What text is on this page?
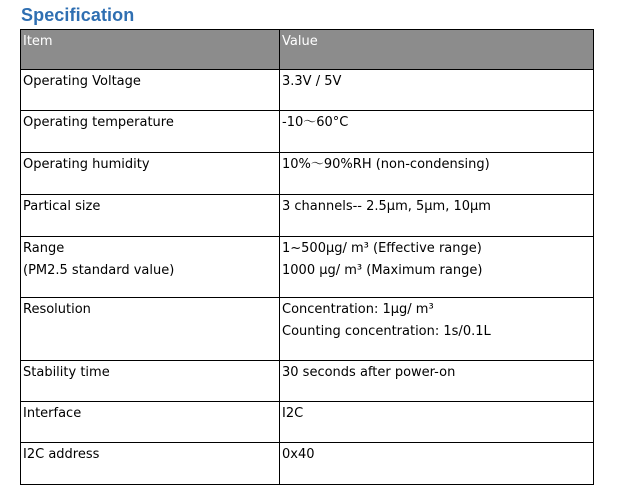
Specification
Item	Value

Operating Voltage	3.3V / 5V

Operating temperature	-10～60°C

Operating humidity	10%～90%RH (non-condensing)

Partical size	3 channels-- 2.5μm, 5μm, 10μm

Range
(PM2.5 standard value)	1~500μg/ m³ (Effective range)
1000 μg/ m³ (Maximum range)

Resolution	Concentration: 1μg/ m³
Counting concentration: 1s/0.1L

Stability time	30 seconds after power-on

Interface	I2C

I2C address	0x40
